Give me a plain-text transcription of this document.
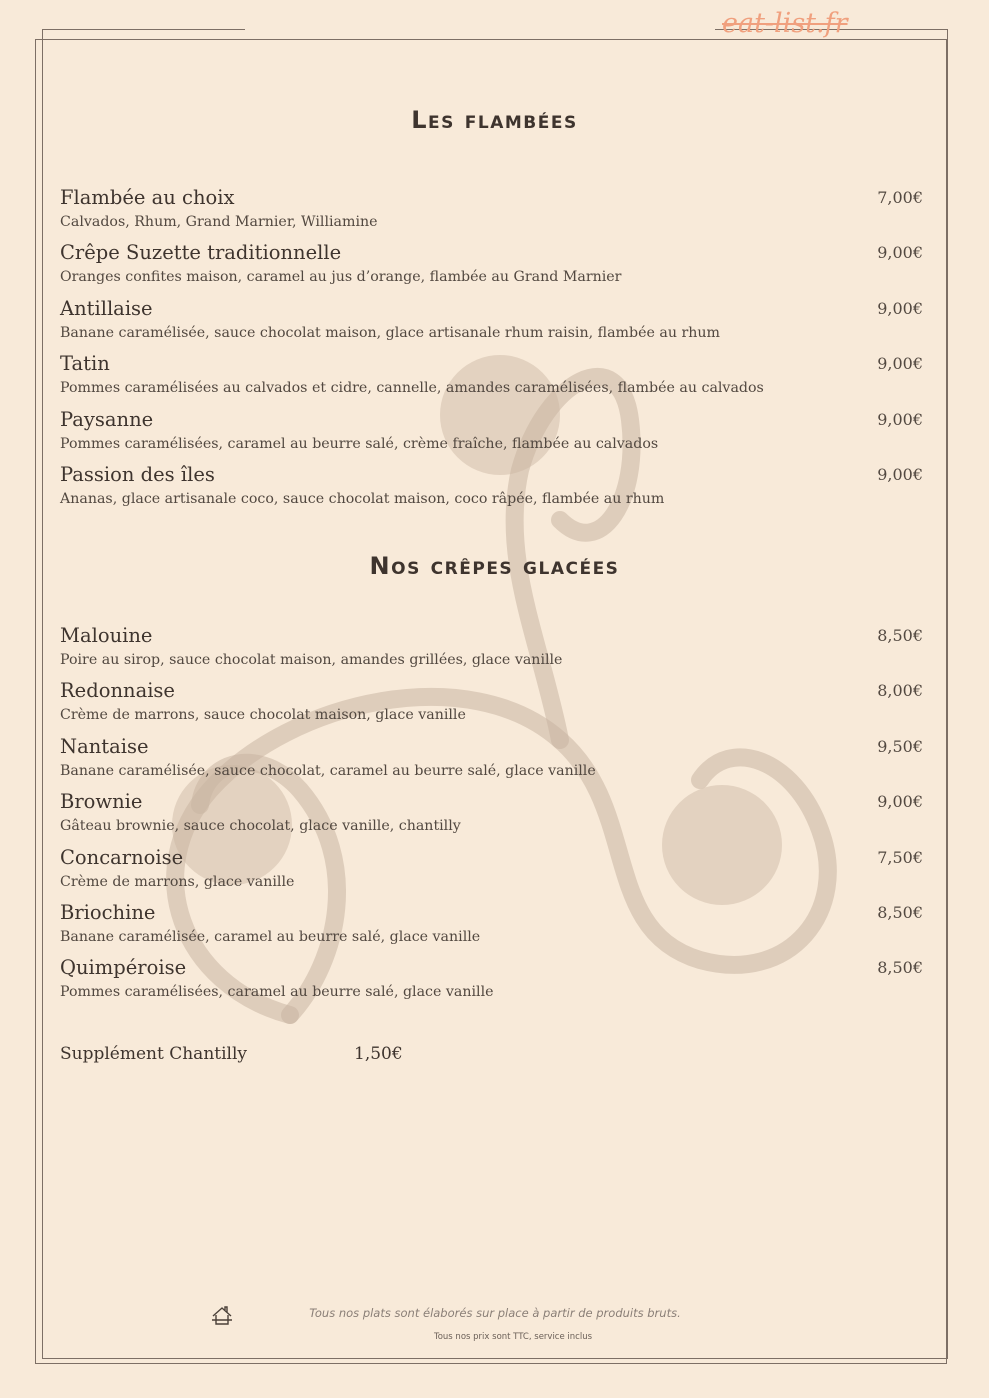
eat-list.fr
Les flambées
Flambée au choix
Calvados, Rhum, Grand Marnier, Williamine
7,00€
Crêpe Suzette traditionnelle
Oranges confites maison, caramel au jus d’orange, flambée au Grand Marnier
9,00€
Antillaise
Banane caramélisée, sauce chocolat maison, glace artisanale rhum raisin, flambée au rhum
9,00€
Tatin
Pommes caramélisées au calvados et cidre, cannelle, amandes caramélisées, flambée au calvados
9,00€
Paysanne
Pommes caramélisées, caramel au beurre salé, crème fraîche, flambée au calvados
9,00€
Passion des îles
Ananas, glace artisanale coco, sauce chocolat maison, coco râpée, flambée au rhum
9,00€
Nos crêpes glacées
Malouine
Poire au sirop, sauce chocolat maison, amandes grillées, glace vanille
8,50€
Redonnaise
Crème de marrons, sauce chocolat maison, glace vanille
8,00€
Nantaise
Banane caramélisée, sauce chocolat, caramel au beurre salé, glace vanille
9,50€
Brownie
Gâteau brownie, sauce chocolat, glace vanille, chantilly
9,00€
Concarnoise
Crème de marrons, glace vanille
7,50€
Briochine
Banane caramélisée, caramel au beurre salé, glace vanille
8,50€
Quimpéroise
Pommes caramélisées, caramel au beurre salé, glace vanille
8,50€
Supplément Chantilly	1,50€
Tous nos plats sont élaborés sur place à partir de produits bruts.
Tous nos prix sont TTC, service inclus
